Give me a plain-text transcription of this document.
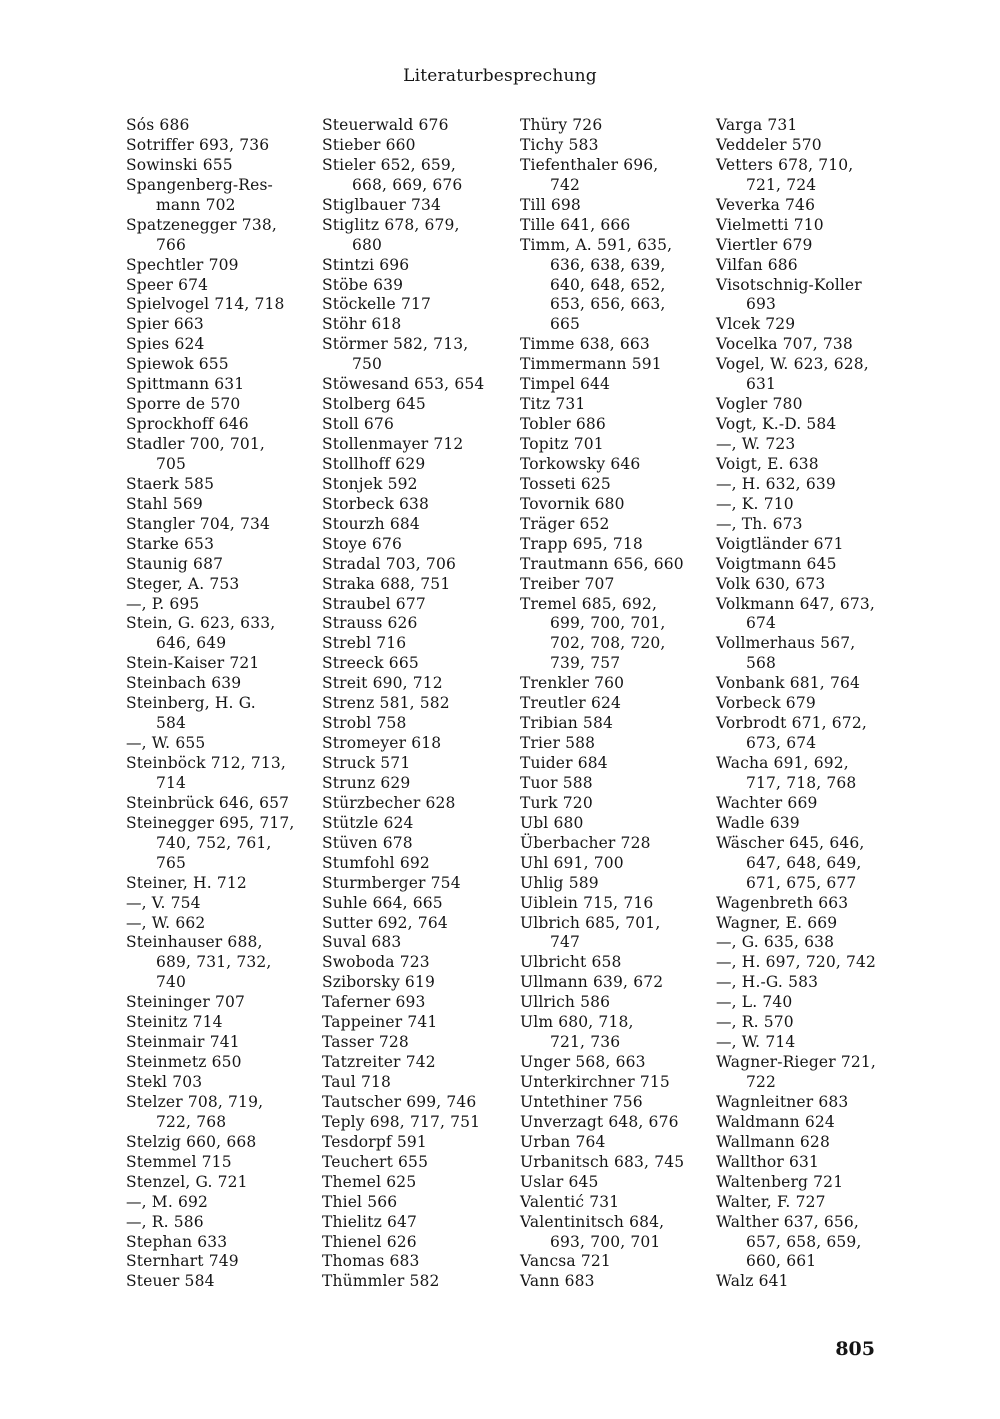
Literaturbesprechung
Sós 686
Sotriffer 693, 736
Sowinski 655
Spangenberg-Res-
mann 702
Spatzenegger 738,
766
Spechtler 709
Speer 674
Spielvogel 714, 718
Spier 663
Spies 624
Spiewok 655
Spittmann 631
Sporre de 570
Sprockhoff 646
Stadler 700, 701,
705
Staerk 585
Stahl 569
Stangler 704, 734
Starke 653
Staunig 687
Steger, A. 753
—, P. 695
Stein, G. 623, 633,
646, 649
Stein-Kaiser 721
Steinbach 639
Steinberg, H. G.
584
—, W. 655
Steinböck 712, 713,
714
Steinbrück 646, 657
Steinegger 695, 717,
740, 752, 761,
765
Steiner, H. 712
—, V. 754
—, W. 662
Steinhauser 688,
689, 731, 732,
740
Steininger 707
Steinitz 714
Steinmair 741
Steinmetz 650
Stekl 703
Stelzer 708, 719,
722, 768
Stelzig 660, 668
Stemmel 715
Stenzel, G. 721
—, M. 692
—, R. 586
Stephan 633
Sternhart 749
Steuer 584
Steuerwald 676
Stieber 660
Stieler 652, 659,
668, 669, 676
Stiglbauer 734
Stiglitz 678, 679,
680
Stintzi 696
Stöbe 639
Stöckelle 717
Stöhr 618
Störmer 582, 713,
750
Stöwesand 653, 654
Stolberg 645
Stoll 676
Stollenmayer 712
Stollhoff 629
Stonjek 592
Storbeck 638
Stourzh 684
Stoye 676
Stradal 703, 706
Straka 688, 751
Straubel 677
Strauss 626
Strebl 716
Streeck 665
Streit 690, 712
Strenz 581, 582
Strobl 758
Stromeyer 618
Struck 571
Strunz 629
Stürzbecher 628
Stützle 624
Stüven 678
Stumfohl 692
Sturmberger 754
Suhle 664, 665
Sutter 692, 764
Suval 683
Swoboda 723
Sziborsky 619
Taferner 693
Tappeiner 741
Tasser 728
Tatzreiter 742
Taul 718
Tautscher 699, 746
Teply 698, 717, 751
Tesdorpf 591
Teuchert 655
Themel 625
Thiel 566
Thielitz 647
Thienel 626
Thomas 683
Thümmler 582
Thüry 726
Tichy 583
Tiefenthaler 696,
742
Till 698
Tille 641, 666
Timm, A. 591, 635,
636, 638, 639,
640, 648, 652,
653, 656, 663,
665
Timme 638, 663
Timmermann 591
Timpel 644
Titz 731
Tobler 686
Topitz 701
Torkowsky 646
Tosseti 625
Tovornik 680
Träger 652
Trapp 695, 718
Trautmann 656, 660
Treiber 707
Tremel 685, 692,
699, 700, 701,
702, 708, 720,
739, 757
Trenkler 760
Treutler 624
Tribian 584
Trier 588
Tuider 684
Tuor 588
Turk 720
Ubl 680
Überbacher 728
Uhl 691, 700
Uhlig 589
Uiblein 715, 716
Ulbrich 685, 701,
747
Ulbricht 658
Ullmann 639, 672
Ullrich 586
Ulm 680, 718,
721, 736
Unger 568, 663
Unterkirchner 715
Untethiner 756
Unverzagt 648, 676
Urban 764
Urbanitsch 683, 745
Uslar 645
Valentić 731
Valentinitsch 684,
693, 700, 701
Vancsa 721
Vann 683
Varga 731
Veddeler 570
Vetters 678, 710,
721, 724
Veverka 746
Vielmetti 710
Viertler 679
Vilfan 686
Visotschnig-Koller
693
Vlcek 729
Vocelka 707, 738
Vogel, W. 623, 628,
631
Vogler 780
Vogt, K.-D. 584
—, W. 723
Voigt, E. 638
—, H. 632, 639
—, K. 710
—, Th. 673
Voigtländer 671
Voigtmann 645
Volk 630, 673
Volkmann 647, 673,
674
Vollmerhaus 567,
568
Vonbank 681, 764
Vorbeck 679
Vorbrodt 671, 672,
673, 674
Wacha 691, 692,
717, 718, 768
Wachter 669
Wadle 639
Wäscher 645, 646,
647, 648, 649,
671, 675, 677
Wagenbreth 663
Wagner, E. 669
—, G. 635, 638
—, H. 697, 720, 742
—, H.-G. 583
—, L. 740
—, R. 570
—, W. 714
Wagner-Rieger 721,
722
Wagnleitner 683
Waldmann 624
Wallmann 628
Wallthor 631
Waltenberg 721
Walter, F. 727
Walther 637, 656,
657, 658, 659,
660, 661
Walz 641
805
